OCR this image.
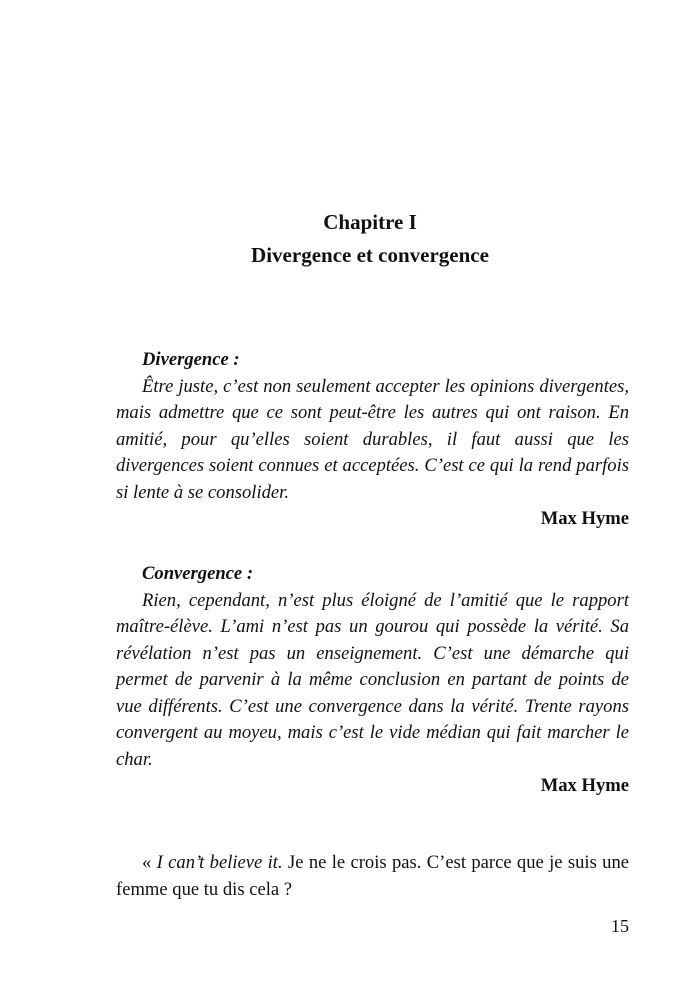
Chapitre I
Divergence et convergence
Divergence :

Être juste, c’est non seulement accepter les opinions divergentes, mais admettre que ce sont peut-être les autres qui ont raison. En amitié, pour qu’elles soient durables, il faut aussi que les divergences soient connues et acceptées. C’est ce qui la rend parfois si lente à se consolider.

Max Hyme
Convergence :

Rien, cependant, n’est plus éloigné de l’amitié que le rapport maître-élève. L’ami n’est pas un gourou qui possède la vérité. Sa révélation n’est pas un enseignement. C’est une démarche qui permet de parvenir à la même conclusion en partant de points de vue différents. C’est une convergence dans la vérité. Trente rayons convergent au moyeu, mais c’est le vide médian qui fait marcher le char.

Max Hyme

« I can’t believe it. Je ne le crois pas. C’est parce que je suis une femme que tu dis cela ?

15
